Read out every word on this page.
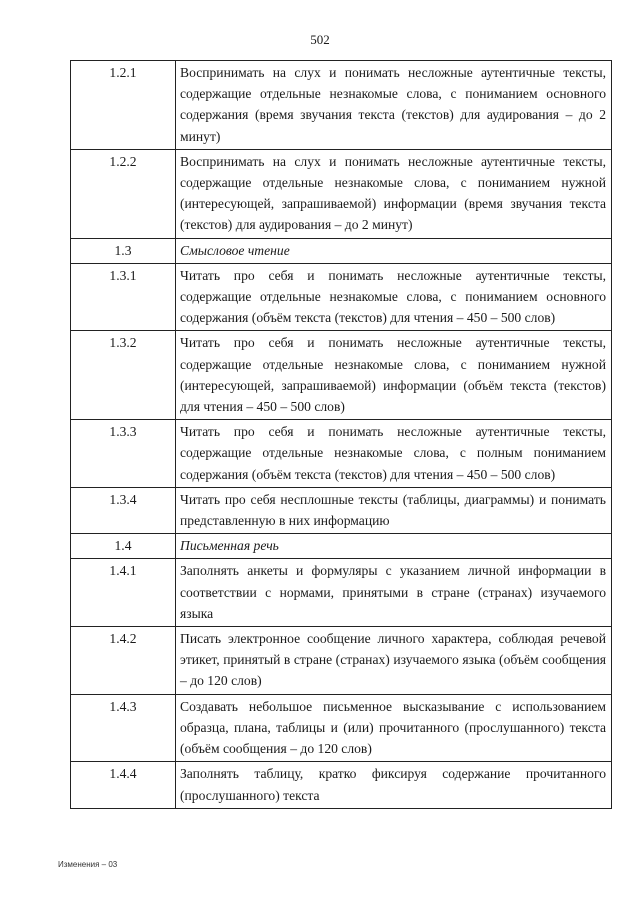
502
1.2.1	Воспринимать на слух и понимать несложные аутентичные тексты, содержащие отдельные незнакомые слова, с пониманием основного содержания (время звучания текста (текстов) для аудирования – до 2 минут)
1.2.2	Воспринимать на слух и понимать несложные аутентичные тексты, содержащие отдельные незнакомые слова, с пониманием нужной (интересующей, запрашиваемой) информации (время звучания текста (текстов) для аудирования – до 2 минут)
1.3	Смысловое чтение
1.3.1	Читать про себя и понимать несложные аутентичные тексты, содержащие отдельные незнакомые слова, с пониманием основного содержания (объём текста (текстов) для чтения – 450 – 500 слов)
1.3.2	Читать про себя и понимать несложные аутентичные тексты, содержащие отдельные незнакомые слова, с пониманием нужной (интересующей, запрашиваемой) информации (объём текста (текстов) для чтения – 450 – 500 слов)
1.3.3	Читать про себя и понимать несложные аутентичные тексты, содержащие отдельные незнакомые слова, с полным пониманием содержания (объём текста (текстов) для чтения – 450 – 500 слов)
1.3.4	Читать про себя несплошные тексты (таблицы, диаграммы) и понимать представленную в них информацию
1.4	Письменная речь
1.4.1	Заполнять анкеты и формуляры с указанием личной информации в соответствии с нормами, принятыми в стране (странах) изучаемого языка
1.4.2	Писать электронное сообщение личного характера, соблюдая речевой этикет, принятый в стране (странах) изучаемого языка (объём сообщения – до 120 слов)
1.4.3	Создавать небольшое письменное высказывание с использованием образца, плана, таблицы и (или) прочитанного (прослушанного) текста (объём сообщения – до 120 слов)
1.4.4	Заполнять таблицу, кратко фиксируя содержание прочитанного (прослушанного) текста
Изменения – 03
